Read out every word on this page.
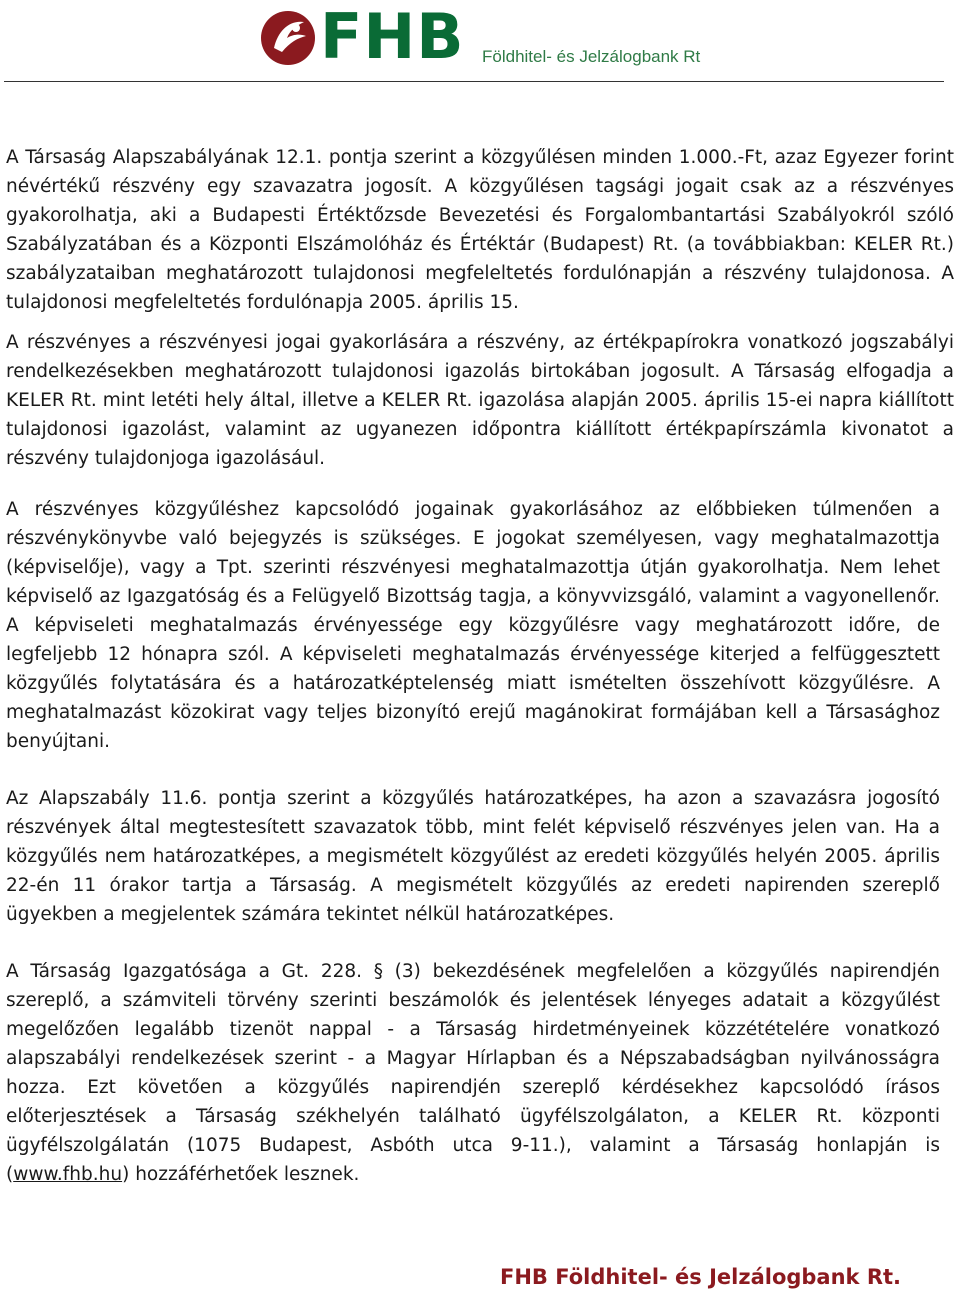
FHB Földhitel- és Jelzálogbank Rt

A Társaság Alapszabályának 12.1. pontja szerint a közgyűlésen minden 1.000.-Ft, azaz Egyezer forint névértékű részvény egy szavazatra jogosít. A közgyűlésen tagsági jogait csak az a részvényes gyakorolhatja, aki a Budapesti Értéktőzsde Bevezetési és Forgalombantartási Szabályokról szóló Szabályzatában és a Központi Elszámolóház és Értéktár (Budapest) Rt. (a továbbiakban: KELER Rt.) szabályzataiban meghatározott tulajdonosi megfeleltetés fordulónapján a részvény tulajdonosa. A tulajdonosi megfeleltetés fordulónapja 2005. április 15.

A részvényes a részvényesi jogai gyakorlására a részvény, az értékpapírokra vonatkozó jogszabályi rendelkezésekben meghatározott tulajdonosi igazolás birtokában jogosult. A Társaság elfogadja a KELER Rt. mint letéti hely által, illetve a KELER Rt. igazolása alapján 2005. április 15-ei napra kiállított tulajdonosi igazolást, valamint az ugyanezen időpontra kiállított értékpapírszámla kivonatot a részvény tulajdonjoga igazolásául.

A részvényes közgyűléshez kapcsolódó jogainak gyakorlásához az előbbieken túlmenően a részvénykönyvbe való bejegyzés is szükséges. E jogokat személyesen, vagy meghatalmazottja (képviselője), vagy a Tpt. szerinti részvényesi meghatalmazottja útján gyakorolhatja. Nem lehet képviselő az Igazgatóság és a Felügyelő Bizottság tagja, a könyvvizsgáló, valamint a vagyonellenőr. A képviseleti meghatalmazás érvényessége egy közgyűlésre vagy meghatározott időre, de legfeljebb 12 hónapra szól. A képviseleti meghatalmazás érvényessége kiterjed a felfüggesztett közgyűlés folytatására és a határozatképtelenség miatt ismételten összehívott közgyűlésre. A meghatalmazást közokirat vagy teljes bizonyító erejű magánokirat formájában kell a Társasághoz benyújtani.

Az Alapszabály 11.6. pontja szerint a közgyűlés határozatképes, ha azon a szavazásra jogosító részvények által megtestesített szavazatok több, mint felét képviselő részvényes jelen van. Ha a közgyűlés nem határozatképes, a megismételt közgyűlést az eredeti közgyűlés helyén 2005. április 22-én 11 órakor tartja a Társaság. A megismételt közgyűlés az eredeti napirenden szereplő ügyekben a megjelentek számára tekintet nélkül határozatképes.

A Társaság Igazgatósága a Gt. 228. § (3) bekezdésének megfelelően a közgyűlés napirendjén szereplő, a számviteli törvény szerinti beszámolók és jelentések lényeges adatait a közgyűlést megelőzően legalább tizenöt nappal - a Társaság hirdetményeinek közzétételére vonatkozó alapszabályi rendelkezések szerint - a Magyar Hírlapban és a Népszabadságban nyilvánosságra hozza. Ezt követően a közgyűlés napirendjén szereplő kérdésekhez kapcsolódó írásos előterjesztések a Társaság székhelyén található ügyfélszolgálaton, a KELER Rt. központi ügyfélszolgálatán (1075 Budapest, Asbóth utca 9-11.), valamint a Társaság honlapján is (www.fhb.hu) hozzáférhetőek lesznek.

FHB Földhitel- és Jelzálogbank Rt.
